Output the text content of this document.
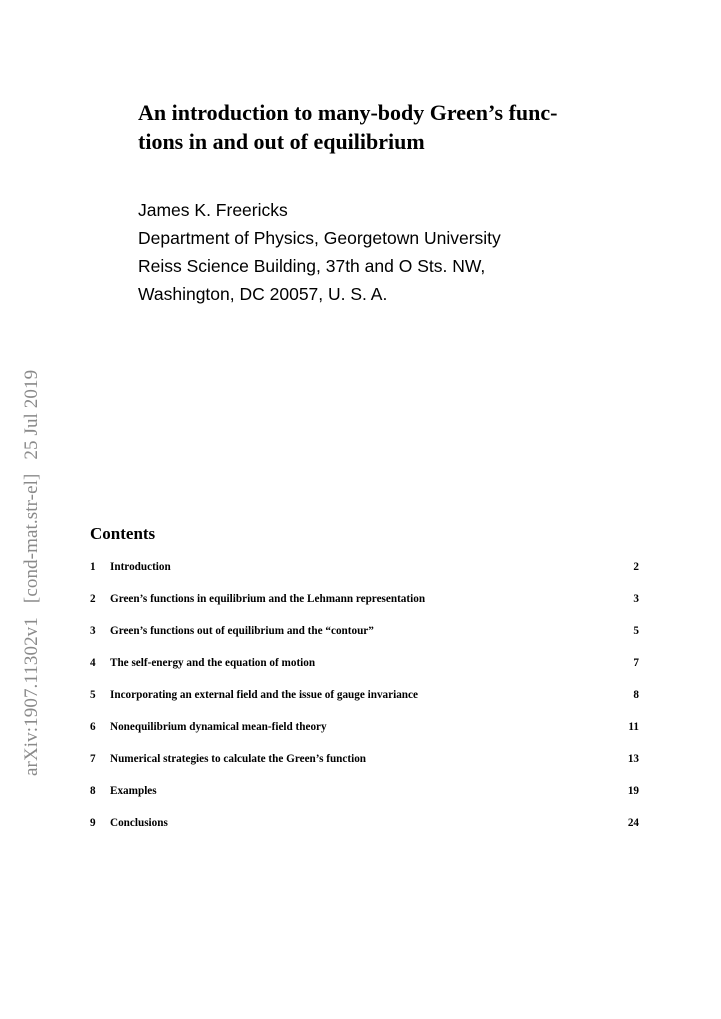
An introduction to many-body Green’s func-
tions in and out of equilibrium
James K. Freericks
Department of Physics, Georgetown University
Reiss Science Building, 37th and O Sts. NW,
Washington, DC 20057, U. S. A.
arXiv:1907.11302v1[cond-mat.str-el]25 Jul 2019
Contents
1	Introduction	2
2	Green’s functions in equilibrium and the Lehmann representation	3
3	Green’s functions out of equilibrium and the “contour”	5
4	The self-energy and the equation of motion	7
5	Incorporating an external field and the issue of gauge invariance	8
6	Nonequilibrium dynamical mean-field theory	11
7	Numerical strategies to calculate the Green’s function	13
8	Examples	19
9	Conclusions	24
